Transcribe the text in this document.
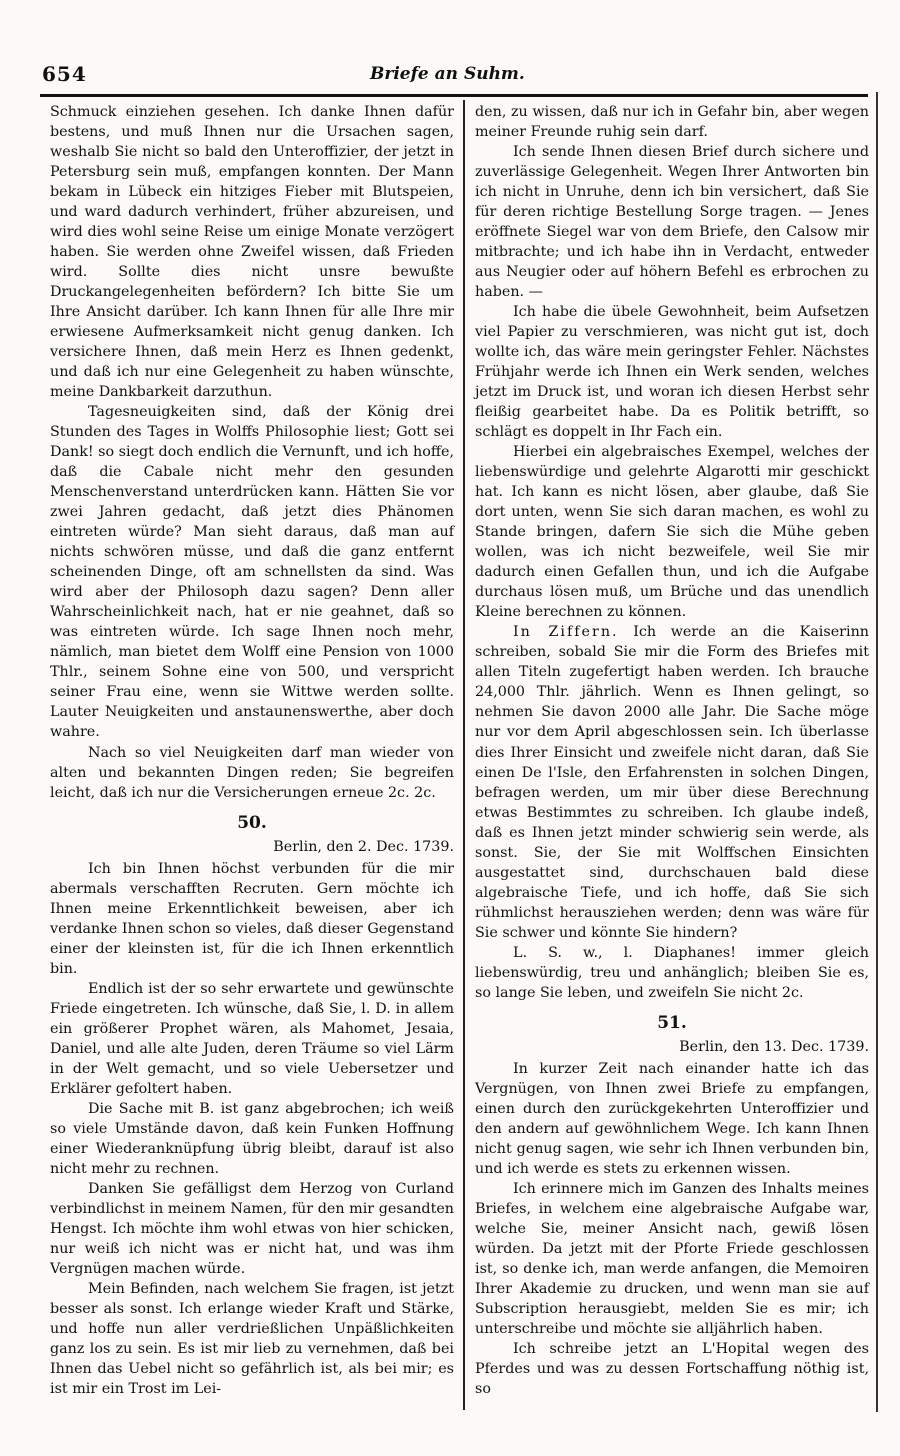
654	Briefe an Suhm.

Schmuck einziehen gesehen. Ich danke Ihnen dafür bestens, und muß Ihnen nur die Ursachen sagen, weshalb Sie nicht so bald den Unteroffizier, der jetzt in Petersburg sein muß, empfangen konnten. Der Mann bekam in Lübeck ein hitziges Fieber mit Blutspeien, und ward dadurch verhindert, früher abzureisen, und wird dies wohl seine Reise um einige Monate verzögert haben. Sie werden ohne Zweifel wissen, daß Frieden wird. Sollte dies nicht unsre bewußte Druckangelegenheiten befördern? Ich bitte Sie um Ihre Ansicht darüber. Ich kann Ihnen für alle Ihre mir erwiesene Aufmerksamkeit nicht genug danken. Ich versichere Ihnen, daß mein Herz es Ihnen gedenkt, und daß ich nur eine Gelegenheit zu haben wünschte, meine Dankbarkeit darzuthun.

Tagesneuigkeiten sind, daß der König drei Stunden des Tages in Wolffs Philosophie liest; Gott sei Dank! so siegt doch endlich die Vernunft, und ich hoffe, daß die Cabale nicht mehr den gesunden Menschenverstand unterdrücken kann. Hätten Sie vor zwei Jahren gedacht, daß jetzt dies Phänomen eintreten würde? Man sieht daraus, daß man auf nichts schwören müsse, und daß die ganz entfernt scheinenden Dinge, oft am schnellsten da sind. Was wird aber der Philosoph dazu sagen? Denn aller Wahrscheinlichkeit nach, hat er nie geahnet, daß so was eintreten würde. Ich sage Ihnen noch mehr, nämlich, man bietet dem Wolff eine Pension von 1000 Thlr., seinem Sohne eine von 500, und verspricht seiner Frau eine, wenn sie Wittwe werden sollte. Lauter Neuigkeiten und anstaunenswerthe, aber doch wahre.

Nach so viel Neuigkeiten darf man wieder von alten und bekannten Dingen reden; Sie begreifen leicht, daß ich nur die Versicherungen erneue 2c. 2c.

50.
Berlin, den 2. Dec. 1739.

Ich bin Ihnen höchst verbunden für die mir abermals verschafften Recruten. Gern möchte ich Ihnen meine Erkenntlichkeit beweisen, aber ich verdanke Ihnen schon so vieles, daß dieser Gegenstand einer der kleinsten ist, für die ich Ihnen erkenntlich bin.

Endlich ist der so sehr erwartete und gewünschte Friede eingetreten. Ich wünsche, daß Sie, l. D. in allem ein größerer Prophet wären, als Mahomet, Jesaia, Daniel, und alle alte Juden, deren Träume so viel Lärm in der Welt gemacht, und so viele Uebersetzer und Erklärer gefoltert haben.

Die Sache mit B. ist ganz abgebrochen; ich weiß so viele Umstände davon, daß kein Funken Hoffnung einer Wiederanknüpfung übrig bleibt, darauf ist also nicht mehr zu rechnen.

Danken Sie gefälligst dem Herzog von Curland verbindlichst in meinem Namen, für den mir gesandten Hengst. Ich möchte ihm wohl etwas von hier schicken, nur weiß ich nicht was er nicht hat, und was ihm Vergnügen machen würde.

Mein Befinden, nach welchem Sie fragen, ist jetzt besser als sonst. Ich erlange wieder Kraft und Stärke, und hoffe nun aller verdrießlichen Unpäßlichkeiten ganz los zu sein. Es ist mir lieb zu vernehmen, daß bei Ihnen das Uebel nicht so gefährlich ist, als bei mir; es ist mir ein Trost im Lei-

den, zu wissen, daß nur ich in Gefahr bin, aber wegen meiner Freunde ruhig sein darf.

Ich sende Ihnen diesen Brief durch sichere und zuverlässige Gelegenheit. Wegen Ihrer Antworten bin ich nicht in Unruhe, denn ich bin versichert, daß Sie für deren richtige Bestellung Sorge tragen. — Jenes eröffnete Siegel war von dem Briefe, den Calsow mir mitbrachte; und ich habe ihn in Verdacht, entweder aus Neugier oder auf höhern Befehl es erbrochen zu haben. —

Ich habe die übele Gewohnheit, beim Aufsetzen viel Papier zu verschmieren, was nicht gut ist, doch wollte ich, das wäre mein geringster Fehler. Nächstes Frühjahr werde ich Ihnen ein Werk senden, welches jetzt im Druck ist, und woran ich diesen Herbst sehr fleißig gearbeitet habe. Da es Politik betrifft, so schlägt es doppelt in Ihr Fach ein.

Hierbei ein algebraisches Exempel, welches der liebenswürdige und gelehrte Algarotti mir geschickt hat. Ich kann es nicht lösen, aber glaube, daß Sie dort unten, wenn Sie sich daran machen, es wohl zu Stande bringen, dafern Sie sich die Mühe geben wollen, was ich nicht bezweifele, weil Sie mir dadurch einen Gefallen thun, und ich die Aufgabe durchaus lösen muß, um Brüche und das unendlich Kleine berechnen zu können.

In Ziffern. Ich werde an die Kaiserinn schreiben, sobald Sie mir die Form des Briefes mit allen Titeln zugefertigt haben werden. Ich brauche 24,000 Thlr. jährlich. Wenn es Ihnen gelingt, so nehmen Sie davon 2000 alle Jahr. Die Sache möge nur vor dem April abgeschlossen sein. Ich überlasse dies Ihrer Einsicht und zweifele nicht daran, daß Sie einen De l'Isle, den Erfahrensten in solchen Dingen, befragen werden, um mir über diese Berechnung etwas Bestimmtes zu schreiben. Ich glaube indeß, daß es Ihnen jetzt minder schwierig sein werde, als sonst. Sie, der Sie mit Wolffschen Einsichten ausgestattet sind, durchschauen bald diese algebraische Tiefe, und ich hoffe, daß Sie sich rühmlichst herausziehen werden; denn was wäre für Sie schwer und könnte Sie hindern?

L. S. w., l. Diaphanes! immer gleich liebenswürdig, treu und anhänglich; bleiben Sie es, so lange Sie leben, und zweifeln Sie nicht 2c.

51.
Berlin, den 13. Dec. 1739.

In kurzer Zeit nach einander hatte ich das Vergnügen, von Ihnen zwei Briefe zu empfangen, einen durch den zurückgekehrten Unteroffizier und den andern auf gewöhnlichem Wege. Ich kann Ihnen nicht genug sagen, wie sehr ich Ihnen verbunden bin, und ich werde es stets zu erkennen wissen.

Ich erinnere mich im Ganzen des Inhalts meines Briefes, in welchem eine algebraische Aufgabe war, welche Sie, meiner Ansicht nach, gewiß lösen würden. Da jetzt mit der Pforte Friede geschlossen ist, so denke ich, man werde anfangen, die Memoiren Ihrer Akademie zu drucken, und wenn man sie auf Subscription herausgiebt, melden Sie es mir; ich unterschreibe und möchte sie alljährlich haben.

Ich schreibe jetzt an L'Hopital wegen des Pferdes und was zu dessen Fortschaffung nöthig ist, so
